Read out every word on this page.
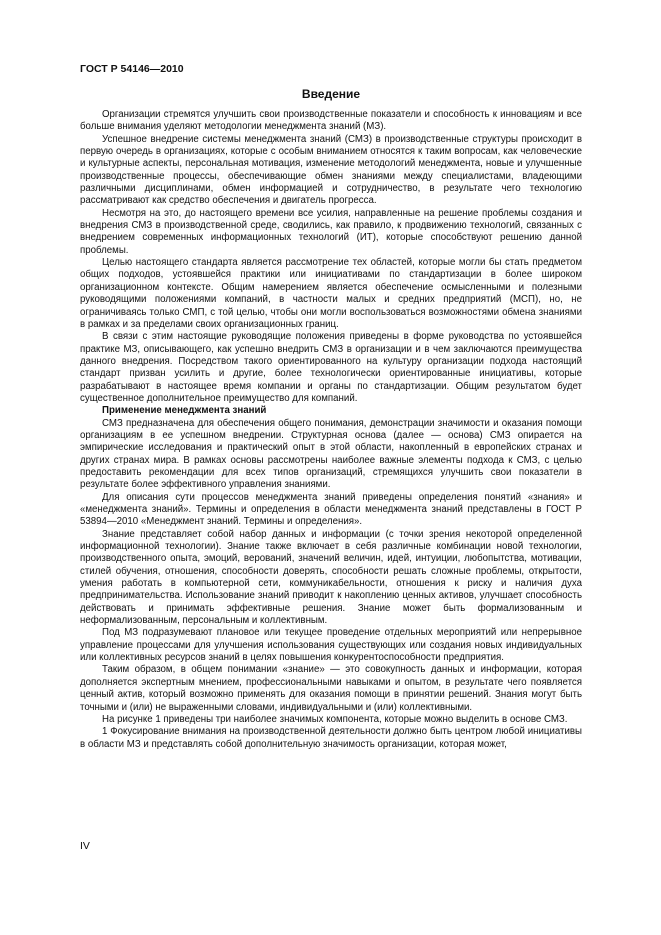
ГОСТ Р 54146—2010
Введение

Организации стремятся улучшить свои производственные показатели и способность к инновациям и все больше внимания уделяют методологии менеджмента знаний (МЗ).

Успешное внедрение системы менеджмента знаний (СМЗ) в производственные структуры происходит в первую очередь в организациях, которые с особым вниманием относятся к таким вопросам, как человеческие и культурные аспекты, персональная мотивация, изменение методологий менеджмента, новые и улучшенные производственные процессы, обеспечивающие обмен знаниями между специалистами, владеющими различными дисциплинами, обмен информацией и сотрудничество, в результате чего технологию рассматривают как средство обеспечения и двигатель прогресса.

Несмотря на это, до настоящего времени все усилия, направленные на решение проблемы создания и внедрения СМЗ в производственной среде, сводились, как правило, к продвижению технологий, связанных с внедрением современных информационных технологий (ИТ), которые способствуют решению данной проблемы.

Целью настоящего стандарта является рассмотрение тех областей, которые могли бы стать предметом общих подходов, устоявшейся практики или инициативами по стандартизации в более широком организационном контексте. Общим намерением является обеспечение осмысленными и полезными руководящими положениями компаний, в частности малых и средних предприятий (МСП), но, не ограничиваясь только СМП, с той целью, чтобы они могли воспользоваться возможностями обмена знаниями в рамках и за пределами своих организационных границ.

В связи с этим настоящие руководящие положения приведены в форме руководства по устоявшейся практике МЗ, описывающего, как успешно внедрить СМЗ в организации и в чем заключаются преимущества данного внедрения. Посредством такого ориентированного на культуру организации подхода настоящий стандарт призван усилить и другие, более технологически ориентированные инициативы, которые разрабатывают в настоящее время компании и органы по стандартизации. Общим результатом будет существенное дополнительное преимущество для компаний.

Применение менеджмента знаний

СМЗ предназначена для обеспечения общего понимания, демонстрации значимости и оказания помощи организациям в ее успешном внедрении. Структурная основа (далее — основа) СМЗ опирается на эмпирические исследования и практический опыт в этой области, накопленный в европейских странах и других странах мира. В рамках основы рассмотрены наиболее важные элементы подхода к СМЗ, с целью предоставить рекомендации для всех типов организаций, стремящихся улучшить свои показатели в результате более эффективного управления знаниями.

Для описания сути процессов менеджмента знаний приведены определения понятий «знания» и «менеджмента знаний». Термины и определения в области менеджмента знаний представлены в ГОСТ Р 53894—2010 «Менеджмент знаний. Термины и определения».

Знание представляет собой набор данных и информации (с точки зрения некоторой определенной информационной технологии). Знание также включает в себя различные комбинации новой технологии, производственного опыта, эмоций, верований, значений величин, идей, интуиции, любопытства, мотивации, стилей обучения, отношения, способности доверять, способности решать сложные проблемы, открытости, умения работать в компьютерной сети, коммуникабельности, отношения к риску и наличия духа предпринимательства. Использование знаний приводит к накоплению ценных активов, улучшает способность действовать и принимать эффективные решения. Знание может быть формализованным и неформализованным, персональным и коллективным.

Под МЗ подразумевают плановое или текущее проведение отдельных мероприятий или непрерывное управление процессами для улучшения использования существующих или создания новых индивидуальных или коллективных ресурсов знаний в целях повышения конкурентоспособности предприятия.

Таким образом, в общем понимании «знание» — это совокупность данных и информации, которая дополняется экспертным мнением, профессиональными навыками и опытом, в результате чего появляется ценный актив, который возможно применять для оказания помощи в принятии решений. Знания могут быть точными и (или) не выраженными словами, индивидуальными и (или) коллективными.

На рисунке 1 приведены три наиболее значимых компонента, которые можно выделить в основе СМЗ.

1 Фокусирование внимания на производственной деятельности должно быть центром любой инициативы в области МЗ и представлять собой дополнительную значимость организации, которая может,

IV
